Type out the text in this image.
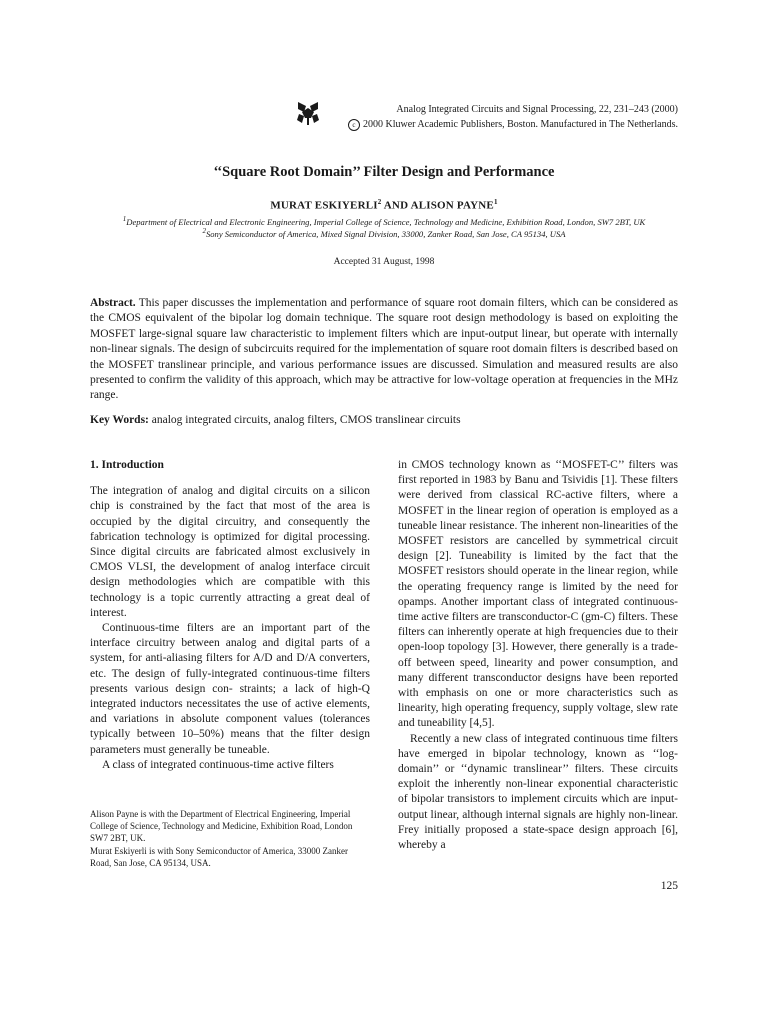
Analog Integrated Circuits and Signal Processing, 22, 231–243 (2000)
c 2000 Kluwer Academic Publishers, Boston. Manufactured in The Netherlands.
‘‘Square Root Domain’’ Filter Design and Performance
MURAT ESKIYERLI$^2$ AND ALISON PAYNE$^1$
$^1$Department of Electrical and Electronic Engineering, Imperial College of Science, Technology and Medicine, Exhibition Road, London, SW7 2BT, UK
$^2$Sony Semiconductor of America, Mixed Signal Division, 33000, Zanker Road, San Jose, CA 95134, USA
Accepted 31 August, 1998
Abstract. This paper discusses the implementation and performance of square root domain filters, which can be considered as the CMOS equivalent of the bipolar log domain technique. The square root design methodology is based on exploiting the MOSFET large-signal square law characteristic to implement filters which are input-output linear, but operate with internally non-linear signals. The design of subcircuits required for the implementation of square root domain filters is described based on the MOSFET translinear principle, and various performance issues are discussed. Simulation and measured results are also presented to confirm the validity of this approach, which may be attractive for low-voltage operation at frequencies in the MHz range.
Key Words: analog integrated circuits, analog filters, CMOS translinear circuits

1. Introduction

The integration of analog and digital circuits on a silicon chip is constrained by the fact that most of the area is occupied by the digital circuitry, and consequently the fabrication technology is optimized for digital processing. Since digital circuits are fabricated almost exclusively in CMOS VLSI, the development of analog interface circuit design methodologies which are compatible with this technology is a topic currently attracting a great deal of interest.

Continuous-time filters are an important part of the interface circuitry between analog and digital parts of a system, for anti-aliasing filters for A/D and D/A converters, etc. The design of fully-integrated continuous-time filters presents various design con- straints; a lack of high-Q integrated inductors necessitates the use of active elements, and variations in absolute component values (tolerances typically between 10–50%) means that the filter design parameters must generally be tuneable.

A class of integrated continuous-time active filters

Alison Payne is with the Department of Electrical Engineering, Imperial College of Science, Technology and Medicine, Exhibition Road, London SW7 2BT, UK.

Murat Eskiyerli is with Sony Semiconductor of America, 33000 Zanker Road, San Jose, CA 95134, USA.

in CMOS technology known as ‘‘MOSFET-C’’ filters was first reported in 1983 by Banu and Tsividis [1]. These filters were derived from classical RC-active filters, where a MOSFET in the linear region of operation is employed as a tuneable linear resistance. The inherent non-linearities of the MOSFET resistors are cancelled by symmetrical circuit design [2]. Tuneability is limited by the fact that the MOSFET resistors should operate in the linear region, while the operating frequency range is limited by the need for opamps. Another important class of integrated continuous-time active filters are transconductor-C (gm-C) filters. These filters can inherently operate at high frequencies due to their open-loop topology [3]. However, there generally is a trade-off between speed, linearity and power consumption, and many different transconductor designs have been reported with emphasis on one or more characteristics such as linearity, high operating frequency, supply voltage, slew rate and tuneability [4,5].

Recently a new class of integrated continuous time filters have emerged in bipolar technology, known as ‘‘log-domain’’ or ‘‘dynamic translinear’’ filters. These circuits exploit the inherently non-linear exponential characteristic of bipolar transistors to implement circuits which are input-output linear, although internal signals are highly non-linear. Frey initially proposed a state-space design approach [6], whereby a

125
